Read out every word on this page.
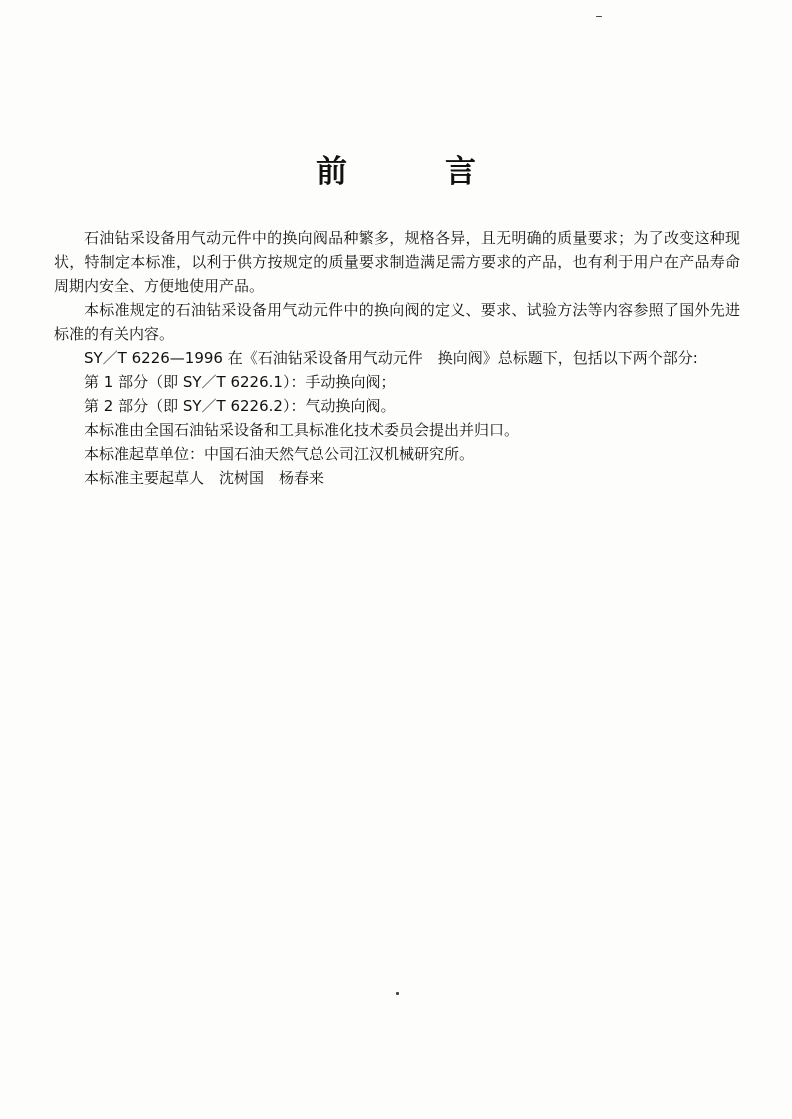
前	言

石油钻采设备用气动元件中的换向阀品种繁多，规格各异，且无明确的质量要求；为了改变这种现状，特制定本标准，以利于供方按规定的质量要求制造满足需方要求的产品，也有利于用户在产品寿命周期内安全、方便地使用产品。

本标准规定的石油钻采设备用气动元件中的换向阀的定义、要求、试验方法等内容参照了国外先进标准的有关内容。

SY／T 6226—1996 在《石油钻采设备用气动元件　换向阀》总标题下，包括以下两个部分:

第 1 部分（即 SY／T 6226.1）：手动换向阀；

第 2 部分（即 SY／T 6226.2）：气动换向阀。

本标准由全国石油钻采设备和工具标准化技术委员会提出并归口。

本标准起草单位：中国石油天然气总公司江汉机械研究所。

本标准主要起草人　沈树国　杨春来
